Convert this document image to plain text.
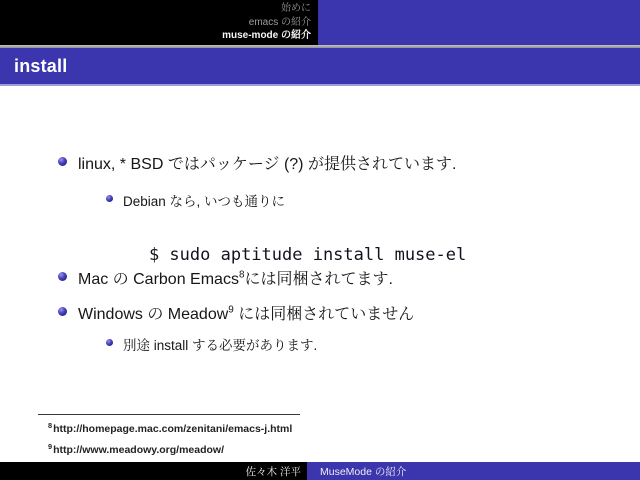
始めに
emacs の紹介
muse-mode の紹介
install
linux, * BSD ではパッケージ (?) が提供されています.
Debian なら, いつも通りに

$ sudo aptitude install muse-el

Mac の Carbon Emacs$^8$には同梱されてます.
Windows の Meadow$^9$ には同梱されていません
別途 install する必要があります.
$^8$http://homepage.mac.com/zenitani/emacs-j.html
$^9$http://www.meadowy.org/meadow/
佐々木 洋平 MuseMode の紹介
